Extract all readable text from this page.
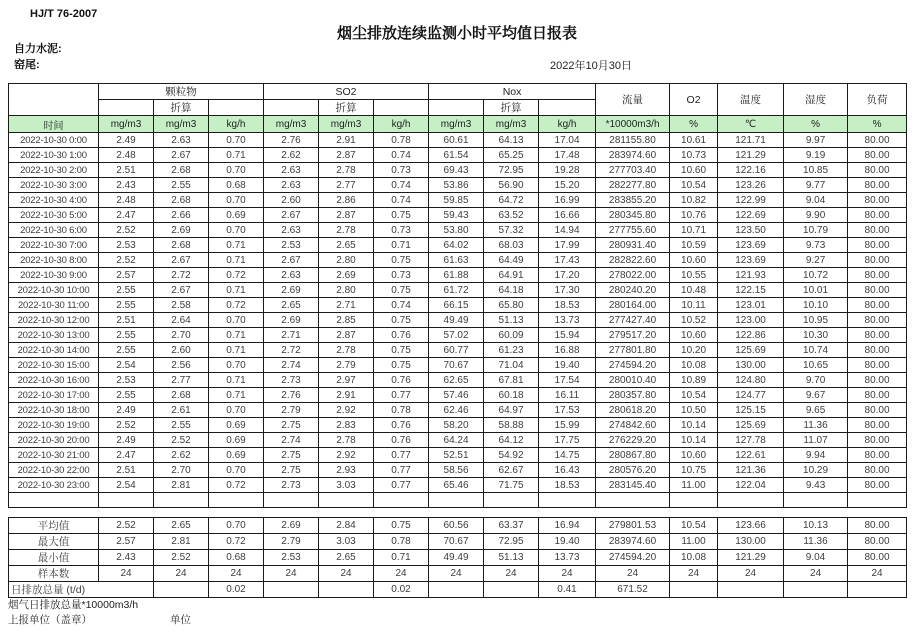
HJ/T 76-2007
烟尘排放连续监测小时平均值日报表
自力水泥:
窑尾:	2022年10月30日
	颗粒物			SO2			Nox			流量	O2	温度	湿度	负荷
		折算			折算			折算						
时间	mg/m3	mg/m3	kg/h	mg/m3	mg/m3	kg/h	mg/m3	mg/m3	kg/h	*10000m3/h	%	℃	%	%
2022-10-30 0:00	2.49	2.63	0.70	2.76	2.91	0.78	60.61	64.13	17.04	281155.80	10.61	121.71	9.97	80.00
2022-10-30 1:00	2.48	2.67	0.71	2.62	2.87	0.74	61.54	65.25	17.48	283974.60	10.73	121.29	9.19	80.00
2022-10-30 2:00	2.51	2.68	0.70	2.63	2.78	0.73	69.43	72.95	19.28	277703.40	10.60	122.16	10.85	80.00
2022-10-30 3:00	2.43	2.55	0.68	2.63	2.77	0.74	53.86	56.90	15.20	282277.80	10.54	123.26	9.77	80.00
2022-10-30 4:00	2.48	2.68	0.70	2.60	2.86	0.74	59.85	64.72	16.99	283855.20	10.82	122.99	9.04	80.00
2022-10-30 5:00	2.47	2.66	0.69	2.67	2.87	0.75	59.43	63.52	16.66	280345.80	10.76	122.69	9.90	80.00
2022-10-30 6:00	2.52	2.69	0.70	2.63	2.78	0.73	53.80	57.32	14.94	277755.60	10.71	123.50	10.79	80.00
2022-10-30 7:00	2.53	2.68	0.71	2.53	2.65	0.71	64.02	68.03	17.99	280931.40	10.59	123.69	9.73	80.00
2022-10-30 8:00	2.52	2.67	0.71	2.67	2.80	0.75	61.63	64.49	17.43	282822.60	10.60	123.69	9.27	80.00
2022-10-30 9:00	2.57	2.72	0.72	2.63	2.69	0.73	61.88	64.91	17.20	278022.00	10.55	121.93	10.72	80.00
2022-10-30 10:00	2.55	2.67	0.71	2.69	2.80	0.75	61.72	64.18	17.30	280240.20	10.48	122.15	10.01	80.00
2022-10-30 11:00	2.55	2.58	0.72	2.65	2.71	0.74	66.15	65.80	18.53	280164.00	10.11	123.01	10.10	80.00
2022-10-30 12:00	2.51	2.64	0.70	2.69	2.85	0.75	49.49	51.13	13.73	277427.40	10.52	123.00	10.95	80.00
2022-10-30 13:00	2.55	2.70	0.71	2.71	2.87	0.76	57.02	60.09	15.94	279517.20	10.60	122.86	10.30	80.00
2022-10-30 14:00	2.55	2.60	0.71	2.72	2.78	0.75	60.77	61.23	16.88	277801.80	10.20	125.69	10.74	80.00
2022-10-30 15:00	2.54	2.56	0.70	2.74	2.79	0.75	70.67	71.04	19.40	274594.20	10.08	130.00	10.65	80.00
2022-10-30 16:00	2.53	2.77	0.71	2.73	2.97	0.76	62.65	67.81	17.54	280010.40	10.89	124.80	9.70	80.00
2022-10-30 17:00	2.55	2.68	0.71	2.76	2.91	0.77	57.46	60.18	16.11	280357.80	10.54	124.77	9.67	80.00
2022-10-30 18:00	2.49	2.61	0.70	2.79	2.92	0.78	62.46	64.97	17.53	280618.20	10.50	125.15	9.65	80.00
2022-10-30 19:00	2.52	2.55	0.69	2.75	2.83	0.76	58.20	58.88	15.99	274842.60	10.14	125.69	11.36	80.00
2022-10-30 20:00	2.49	2.52	0.69	2.74	2.78	0.76	64.24	64.12	17.75	276229.20	10.14	127.78	11.07	80.00
2022-10-30 21:00	2.47	2.62	0.69	2.75	2.92	0.77	52.51	54.92	14.75	280867.80	10.60	122.61	9.94	80.00
2022-10-30 22:00	2.51	2.70	0.70	2.75	2.93	0.77	58.56	62.67	16.43	280576.20	10.75	121.36	10.29	80.00
2022-10-30 23:00	2.54	2.81	0.72	2.73	3.03	0.77	65.46	71.75	18.53	283145.40	11.00	122.04	9.43	80.00

平均值	2.52	2.65	0.70	2.69	2.84	0.75	60.56	63.37	16.94	279801.53	10.54	123.66	10.13	80.00
最大值	2.57	2.81	0.72	2.79	3.03	0.78	70.67	72.95	19.40	283974.60	11.00	130.00	11.36	80.00
最小值	2.43	2.52	0.68	2.53	2.65	0.71	49.49	51.13	13.73	274594.20	10.08	121.29	9.04	80.00
样本数	24	24	24	24	24	24	24	24	24	24	24	24	24	24
日排放总量 (t/d)			0.02			0.02			0.41	671.52				
烟气日排放总量*10000m3/h
上报单位（盖章）	单位
